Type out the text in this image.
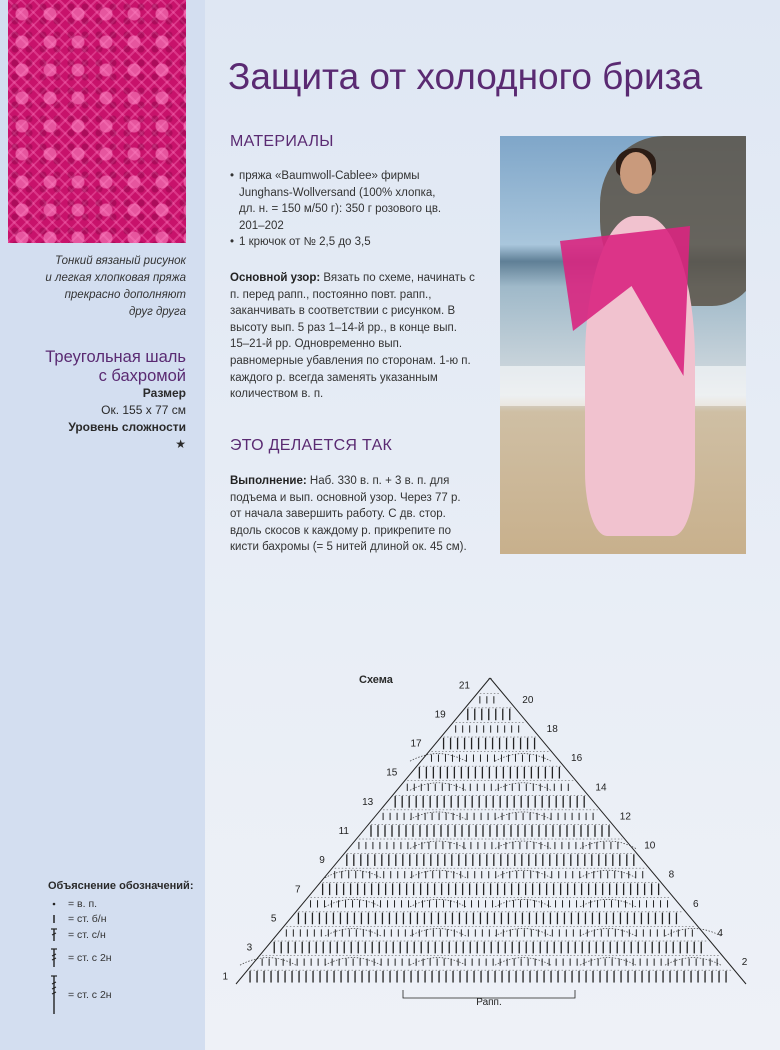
Тонкий вязаный рисунок
и легкая хлопковая пряжа
прекрасно дополняют
друг друга
Треугольная шаль
с бахромой
Размер
Ок. 155 x 77 см
Уровень сложности
★
Объяснение обозначений:
= в. п.
= ст. б/н
= ст. с/н
= ст. с 2н
= ст. с 2н
Защита от холодного бриза
МАТЕРИАЛЫ
• пряжа «Baumwoll-Cablee» фирмы Junghans-Wollversand (100% хлопка, дл. н. = 150 м/50 г): 350 г розового цв. 201–202
• 1 крючок от № 2,5 до 3,5
Основной узор: Вязать по схеме, начинать с п. перед рапп., постоянно повт. рапп., заканчивать в соответствии с рисунком. В высоту вып. 5 раз 1–14-й рр., в конце вып. 15–21-й рр. Одновременно вып. равномерные убавления по сторонам. 1-ю п. каждого р. всегда заменять указанным количеством в. п.
ЭТО ДЕЛАЕТСЯ ТАК
Выполнение: Наб. 330 в. п. + 3 в. п. для подъема и вып. основной узор. Через 77 р. от начала завершить работу. С дв. стор. вдоль скосов к каждому р. прикрепите по кисти бахромы (= 5 нитей длиной ок. 45 см).
Схема
1
3
5
7
9
11
13
15
17
19
21
2
4
6
8
10
12
14
16
18
20
Рапп.
